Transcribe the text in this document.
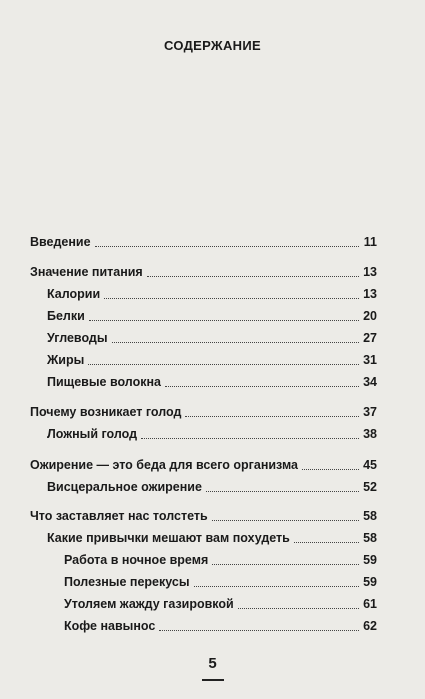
СОДЕРЖАНИЕ
Введение	11
Значение питания	13
Калории	13
Белки	20
Углеводы	27
Жиры	31
Пищевые волокна	34
Почему возникает голод	37
Ложный голод	38
Ожирение — это беда для всего организма	45
Висцеральное ожирение	52
Что заставляет нас толстеть	58
Какие привычки мешают вам похудеть	58
Работа в ночное время	59
Полезные перекусы	59
Утоляем жажду газировкой	61
Кофе навынос	62
5
